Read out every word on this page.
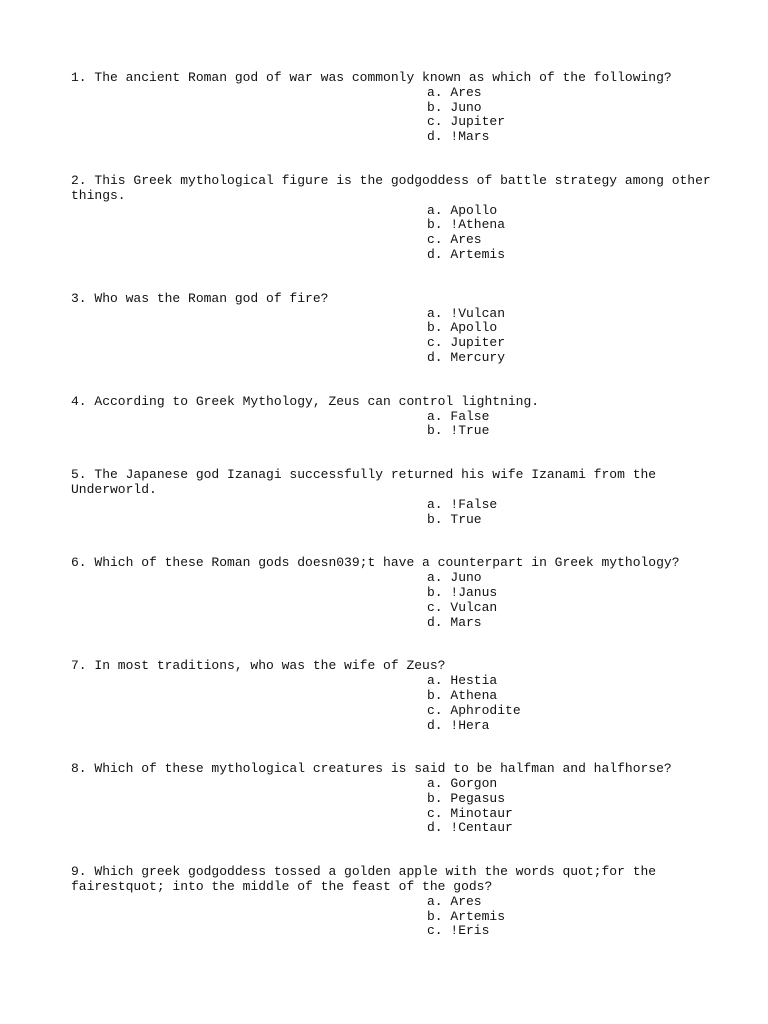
1. The ancient Roman god of war was commonly known as which of the following?

a. Ares
b. Juno
c. Jupiter
d. !Mars

2. This Greek mythological figure is the godgoddess of battle strategy among other things.

a. Apollo
b. !Athena
c. Ares
d. Artemis

3. Who was the Roman god of fire?

a. !Vulcan
b. Apollo
c. Jupiter
d. Mercury

4. According to Greek Mythology, Zeus can control lightning.

a. False
b. !True

5. The Japanese god Izanagi successfully returned his wife Izanami from the Underworld.

a. !False
b. True

6. Which of these Roman gods doesn039;t have a counterpart in Greek mythology?

a. Juno
b. !Janus
c. Vulcan
d. Mars

7. In most traditions, who was the wife of Zeus?

a. Hestia
b. Athena
c. Aphrodite
d. !Hera

8. Which of these mythological creatures is said to be halfman and halfhorse?

a. Gorgon
b. Pegasus
c. Minotaur
d. !Centaur

9. Which greek godgoddess tossed a golden apple with the words quot;for the fairestquot; into the middle of the feast of the gods?

a. Ares
b. Artemis
c. !Eris
